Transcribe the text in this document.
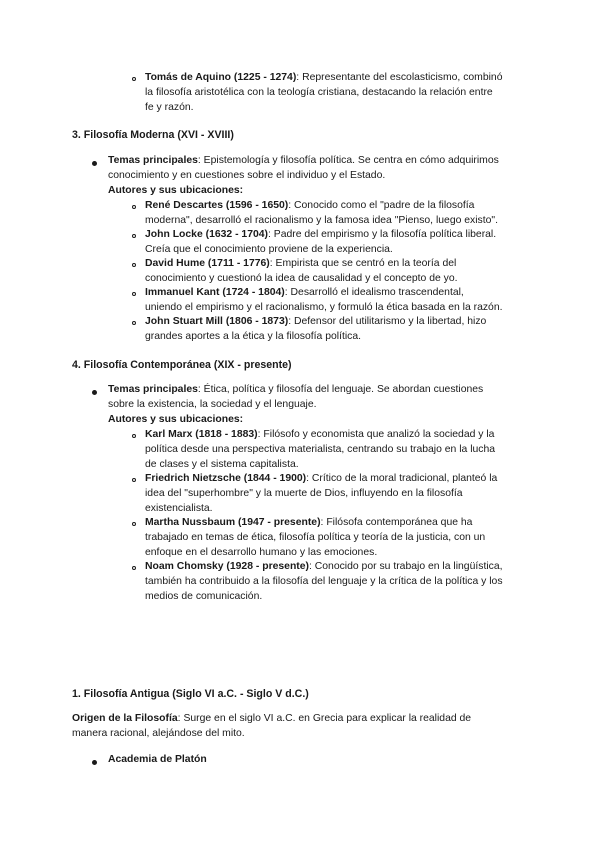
Tomás de Aquino (1225 - 1274): Representante del escolasticismo, combinó
la filosofía aristotélica con la teología cristiana, destacando la relación entre
fe y razón.
3. Filosofía Moderna (XVI - XVIII)
Temas principales: Epistemología y filosofía política. Se centra en cómo adquirimos
conocimiento y en cuestiones sobre el individuo y el Estado.
Autores y sus ubicaciones:
René Descartes (1596 - 1650): Conocido como el "padre de la filosofía
moderna", desarrolló el racionalismo y la famosa idea "Pienso, luego existo".
John Locke (1632 - 1704): Padre del empirismo y la filosofía política liberal.
Creía que el conocimiento proviene de la experiencia.
David Hume (1711 - 1776): Empirista que se centró en la teoría del
conocimiento y cuestionó la idea de causalidad y el concepto de yo.
Immanuel Kant (1724 - 1804): Desarrolló el idealismo trascendental,
uniendo el empirismo y el racionalismo, y formuló la ética basada en la razón.
John Stuart Mill (1806 - 1873): Defensor del utilitarismo y la libertad, hizo
grandes aportes a la ética y la filosofía política.
4. Filosofía Contemporánea (XIX - presente)
Temas principales: Ética, política y filosofía del lenguaje. Se abordan cuestiones
sobre la existencia, la sociedad y el lenguaje.
Autores y sus ubicaciones:
Karl Marx (1818 - 1883): Filósofo y economista que analizó la sociedad y la
política desde una perspectiva materialista, centrando su trabajo en la lucha
de clases y el sistema capitalista.
Friedrich Nietzsche (1844 - 1900): Crítico de la moral tradicional, planteó la
idea del "superhombre" y la muerte de Dios, influyendo en la filosofía
existencialista.
Martha Nussbaum (1947 - presente): Filósofa contemporánea que ha
trabajado en temas de ética, filosofía política y teoría de la justicia, con un
enfoque en el desarrollo humano y las emociones.
Noam Chomsky (1928 - presente): Conocido por su trabajo en la lingüística,
también ha contribuido a la filosofía del lenguaje y la crítica de la política y los
medios de comunicación.
1. Filosofía Antigua (Siglo VI a.C. - Siglo V d.C.)
Origen de la Filosofía: Surge en el siglo VI a.C. en Grecia para explicar la realidad de
manera racional, alejándose del mito.
Academia de Platón
